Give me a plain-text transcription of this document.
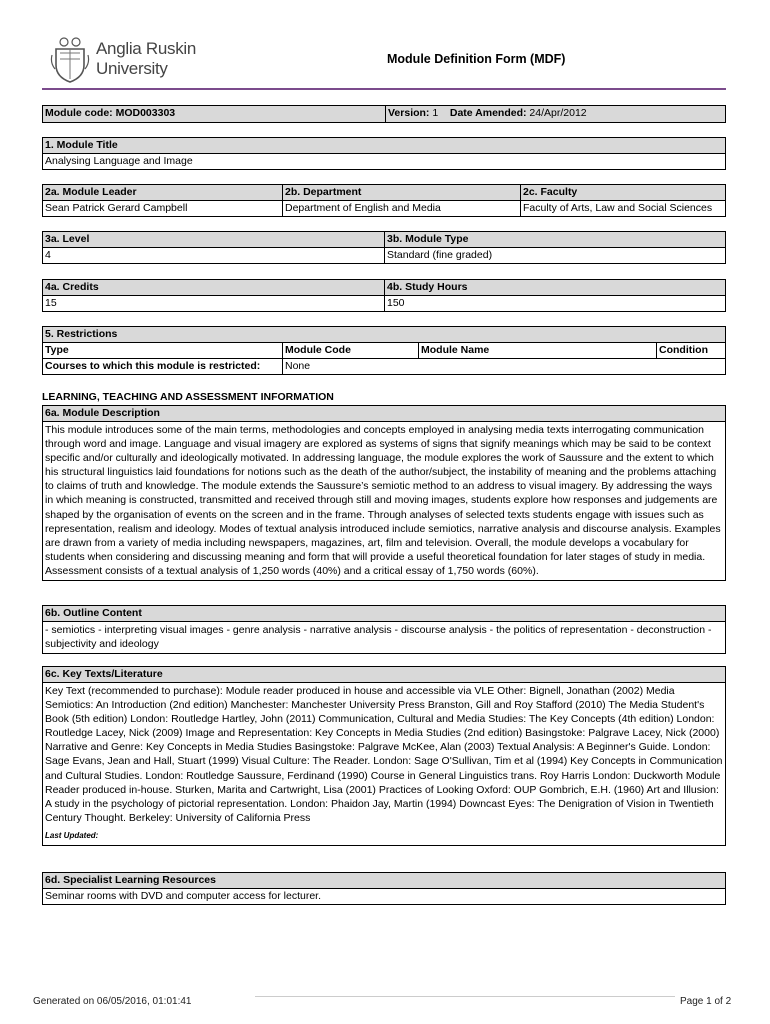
Anglia Ruskin
University	Module Definition Form (MDF)
Module code: MOD003303	Version: 1 Date Amended: 24/Apr/2012
1. Module Title
Analysing Language and Image
2a. Module Leader	2b. Department	2c. Faculty
Sean Patrick Gerard Campbell	Department of English and Media	Faculty of Arts, Law and Social Sciences
3a. Level	3b. Module Type
4	Standard (fine graded)
4a. Credits	4b. Study Hours
15	150
5. Restrictions
Type	Module Code	Module Name	Condition
Courses to which this module is restricted:	None
LEARNING, TEACHING AND ASSESSMENT INFORMATION
6a. Module Description
This module introduces some of the main terms, methodologies and concepts employed in analysing media texts interrogating communication through word and image. Language and visual imagery are explored as systems of signs that signify meanings which may be said to be context specific and/or culturally and ideologically motivated. In addressing language, the module explores the work of Saussure and the extent to which his structural linguistics laid foundations for notions such as the death of the author/subject, the instability of meaning and the problems attaching to claims of truth and knowledge. The module extends the Saussure’s semiotic method to an address to visual imagery. By addressing the ways in which meaning is constructed, transmitted and received through still and moving images, students explore how responses and judgements are shaped by the organisation of events on the screen and in the frame. Through analyses of selected texts students engage with issues such as representation, realism and ideology. Modes of textual analysis introduced include semiotics, narrative analysis and discourse analysis. Examples are drawn from a variety of media including newspapers, magazines, art, film and television. Overall, the module develops a vocabulary for students when considering and discussing meaning and form that will provide a useful theoretical foundation for later stages of study in media. Assessment consists of a textual analysis of 1,250 words (40%) and a critical essay of 1,750 words (60%).
6b. Outline Content
- semiotics - interpreting visual images - genre analysis - narrative analysis - discourse analysis - the politics of representation - deconstruction - subjectivity and ideology
6c. Key Texts/Literature
Key Text (recommended to purchase): Module reader produced in house and accessible via VLE Other: Bignell, Jonathan (2002) Media Semiotics: An Introduction (2nd edition) Manchester: Manchester University Press Branston, Gill and Roy Stafford (2010) The Media Student's Book (5th edition) London: Routledge Hartley, John (2011) Communication, Cultural and Media Studies: The Key Concepts (4th edition) London: Routledge Lacey, Nick (2009) Image and Representation: Key Concepts in Media Studies (2nd edition) Basingstoke: Palgrave Lacey, Nick (2000) Narrative and Genre: Key Concepts in Media Studies Basingstoke: Palgrave McKee, Alan (2003) Textual Analysis: A Beginner's Guide. London: Sage Evans, Jean and Hall, Stuart (1999) Visual Culture: The Reader. London: Sage O'Sullivan, Tim et al (1994) Key Concepts in Communication and Cultural Studies. London: Routledge Saussure, Ferdinand (1990) Course in General Linguistics trans. Roy Harris London: Duckworth Module Reader produced in-house. Sturken, Marita and Cartwright, Lisa (2001) Practices of Looking Oxford: OUP Gombrich, E.H. (1960) Art and Illusion: A study in the psychology of pictorial representation. London: Phaidon Jay, Martin (1994) Downcast Eyes: The Denigration of Vision in Twentieth Century Thought. Berkeley: University of California Press
Last Updated:
6d. Specialist Learning Resources
Seminar rooms with DVD and computer access for lecturer.
Generated on 06/05/2016, 01:01:41	Page 1 of 2
